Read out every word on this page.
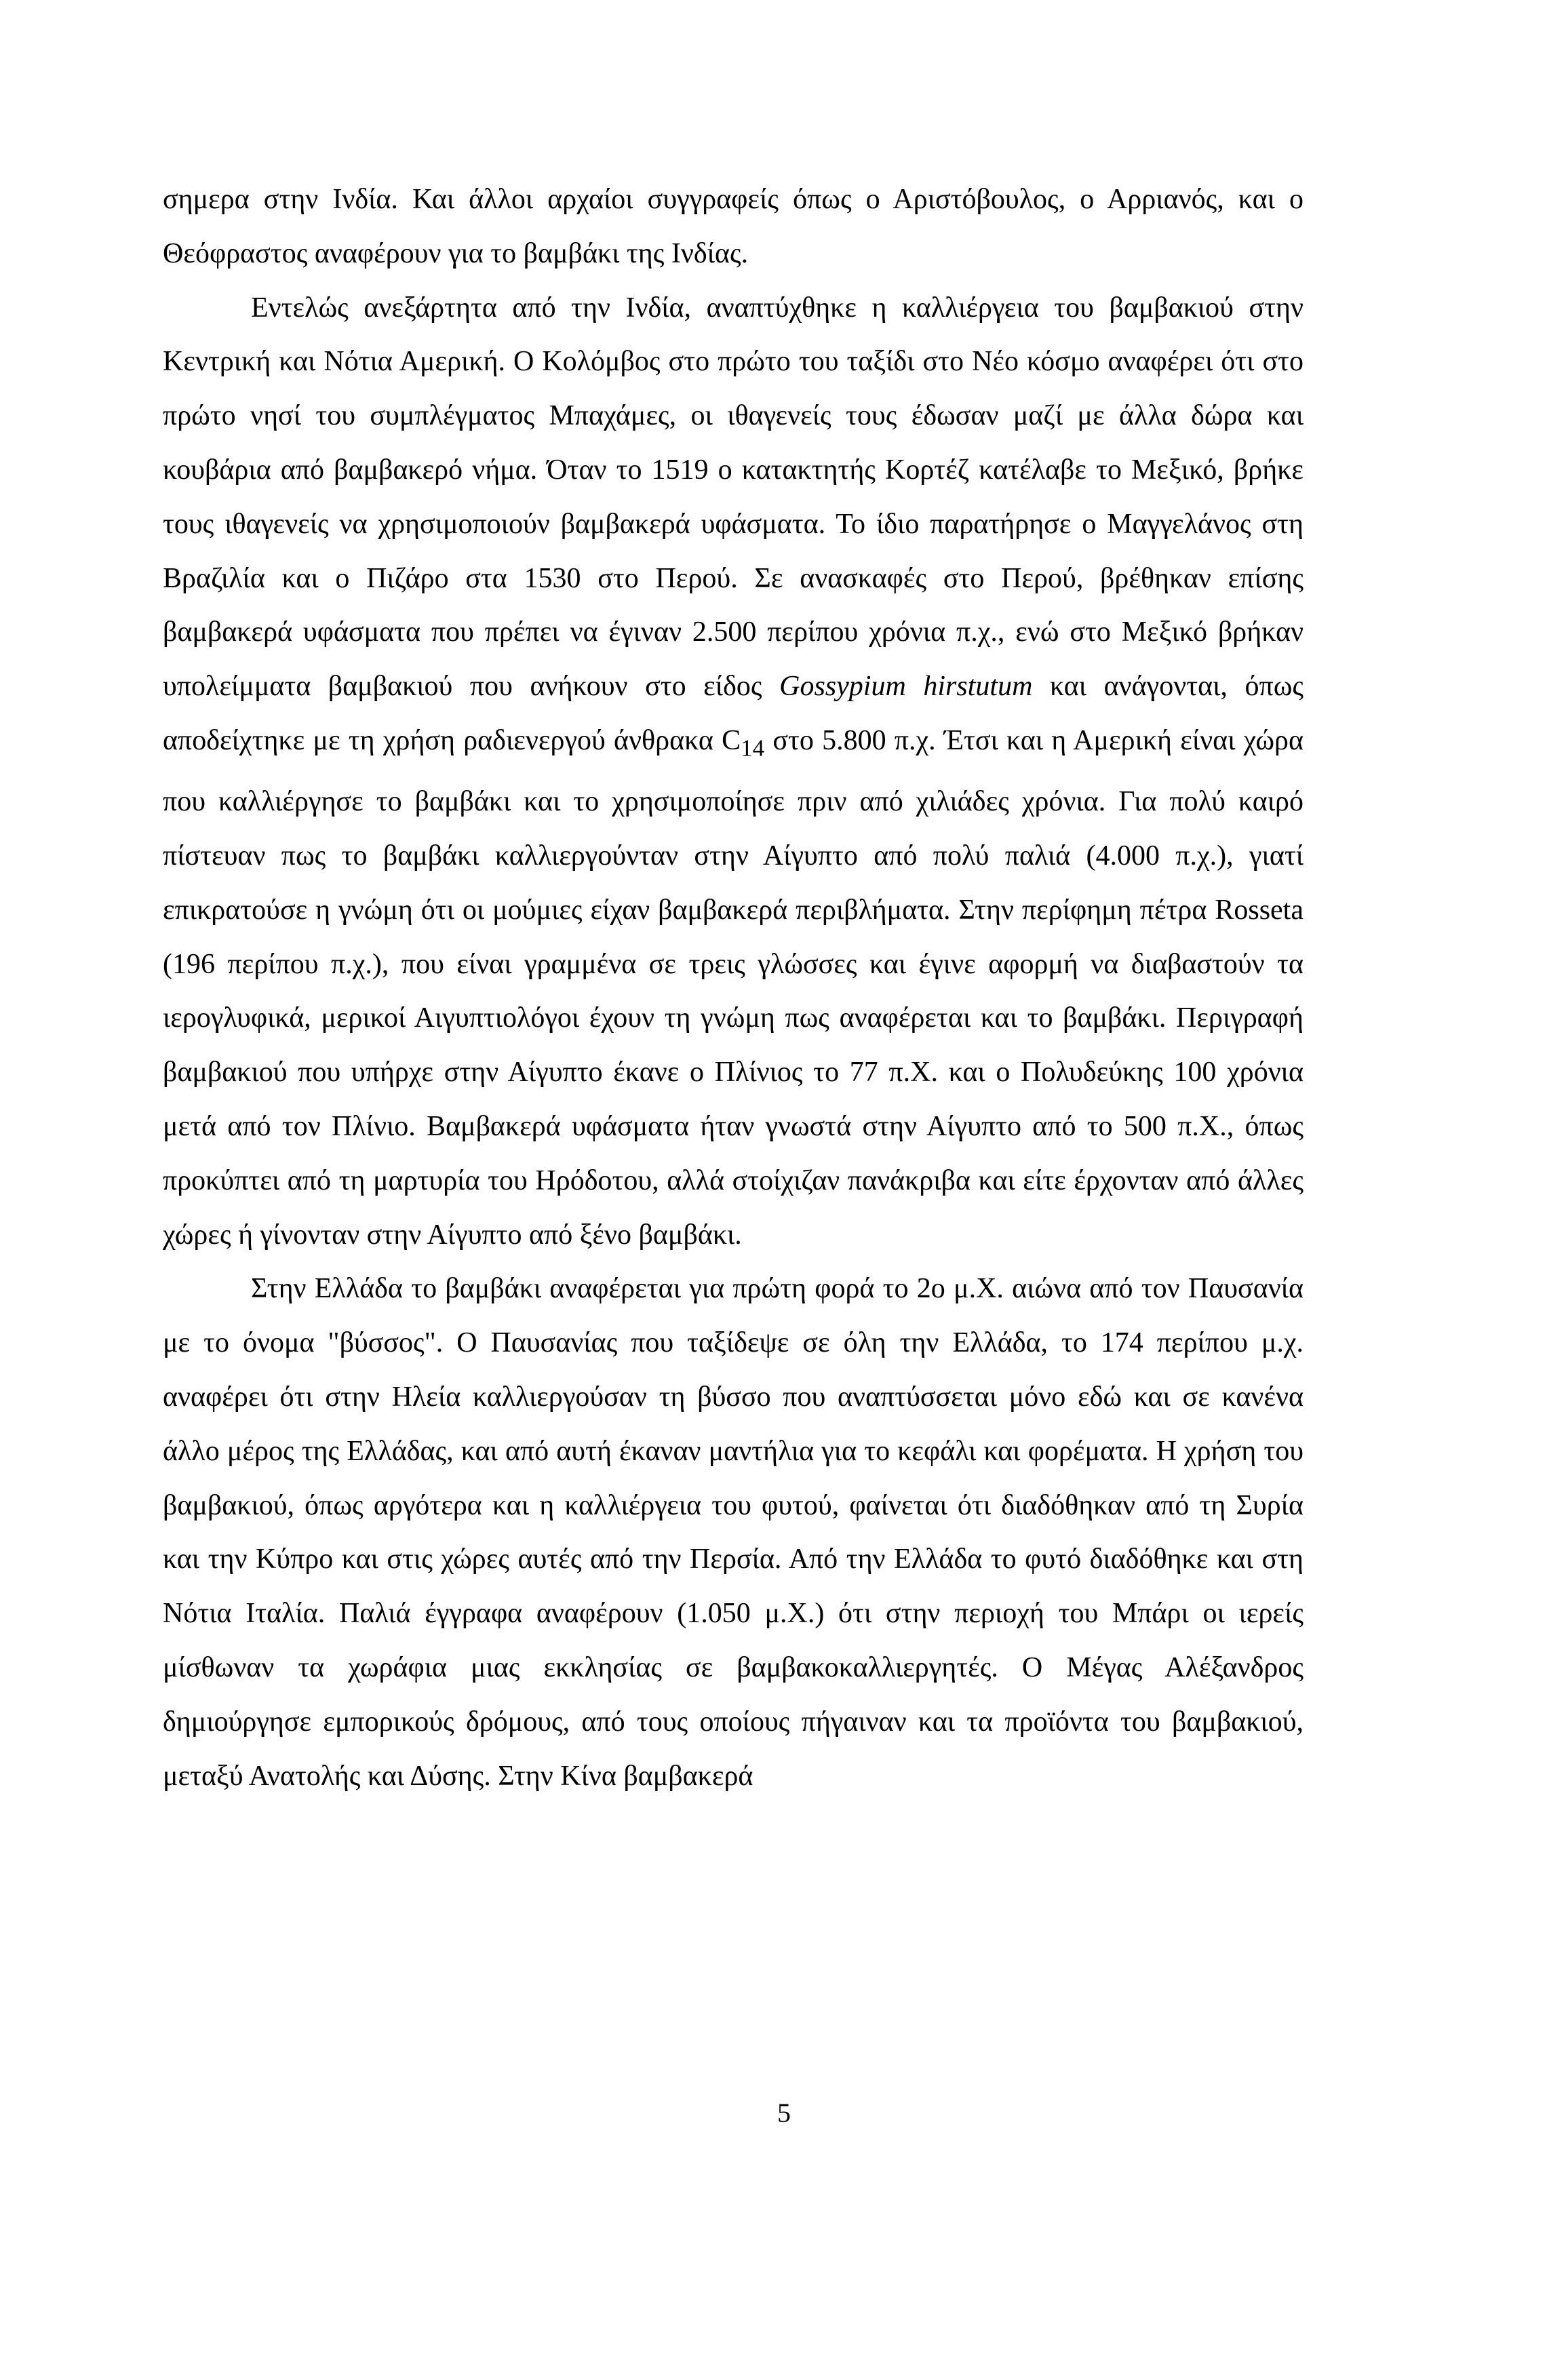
σημερα στην Ινδία. Και άλλοι αρχαίοι συγγραφείς όπως ο Αριστόβουλος, ο Αρριανός, και ο Θεόφραστος αναφέρουν για το βαμβάκι της Ινδίας.

Εντελώς ανεξάρτητα από την Ινδία, αναπτύχθηκε η καλλιέργεια του βαμβακιού στην Κεντρική και Νότια Αμερική. Ο Κολόμβος στο πρώτο του ταξίδι στο Νέο κόσμο αναφέρει ότι στο πρώτο νησί του συμπλέγματος Μπαχάμες, οι ιθαγενείς τους έδωσαν μαζί με άλλα δώρα και κουβάρια από βαμβακερό νήμα. Όταν το 1519 ο κατακτητής Κορτέζ κατέλαβε το Μεξικό, βρήκε τους ιθαγενείς να χρησιμοποιούν βαμβακερά υφάσματα. Το ίδιο παρατήρησε ο Μαγγελάνος στη Βραζιλία και ο Πιζάρο στα 1530 στο Περού. Σε ανασκαφές στο Περού, βρέθηκαν επίσης βαμβακερά υφάσματα που πρέπει να έγιναν 2.500 περίπου χρόνια π.χ., ενώ στο Μεξικό βρήκαν υπολείμματα βαμβακιού που ανήκουν στο είδος Gossypium hirstutum και ανάγονται, όπως αποδείχτηκε με τη χρήση ραδιενεργού άνθρακα $C_{14}$ στο 5.800 π.χ. Έτσι και η Αμερική είναι χώρα που καλλιέργησε το βαμβάκι και το χρησιμοποίησε πριν από χιλιάδες χρόνια. Για πολύ καιρό πίστευαν πως το βαμβάκι καλλιεργούνταν στην Αίγυπτο από πολύ παλιά (4.000 π.χ.), γιατί επικρατούσε η γνώμη ότι οι μούμιες είχαν βαμβακερά περιβλήματα. Στην περίφημη πέτρα Rosseta (196 περίπου π.χ.), που είναι γραμμένα σε τρεις γλώσσες και έγινε αφορμή να διαβαστούν τα ιερογλυφικά, μερικοί Αιγυπτιολόγοι έχουν τη γνώμη πως αναφέρεται και το βαμβάκι. Περιγραφή βαμβακιού που υπήρχε στην Αίγυπτο έκανε ο Πλίνιος το 77 π.Χ. και ο Πολυδεύκης 100 χρόνια μετά από τον Πλίνιο. Βαμβακερά υφάσματα ήταν γνωστά στην Αίγυπτο από το 500 π.Χ., όπως προκύπτει από τη μαρτυρία του Ηρόδοτου, αλλά στοίχιζαν πανάκριβα και είτε έρχονταν από άλλες χώρες ή γίνονταν στην Αίγυπτο από ξένο βαμβάκι.

Στην Ελλάδα το βαμβάκι αναφέρεται για πρώτη φορά το 2ο μ.Χ. αιώνα από τον Παυσανία με το όνομα "βύσσος". Ο Παυσανίας που ταξίδεψε σε όλη την Ελλάδα, το 174 περίπου μ.χ. αναφέρει ότι στην Ηλεία καλλιεργούσαν τη βύσσο που αναπτύσσεται μόνο εδώ και σε κανένα άλλο μέρος της Ελλάδας, και από αυτή έκαναν μαντήλια για το κεφάλι και φορέματα. Η χρήση του βαμβακιού, όπως αργότερα και η καλλιέργεια του φυτού, φαίνεται ότι διαδόθηκαν από τη Συρία και την Κύπρο και στις χώρες αυτές από την Περσία. Από την Ελλάδα το φυτό διαδόθηκε και στη Νότια Ιταλία. Παλιά έγγραφα αναφέρουν (1.050 μ.Χ.) ότι στην περιοχή του Μπάρι οι ιερείς μίσθωναν τα χωράφια μιας εκκλησίας σε βαμβακοκαλλιεργητές. Ο Μέγας Αλέξανδρος δημιούργησε εμπορικούς δρόμους, από τους οποίους πήγαιναν και τα προϊόντα του βαμβακιού, μεταξύ Ανατολής και Δύσης. Στην Κίνα βαμβακερά

5
